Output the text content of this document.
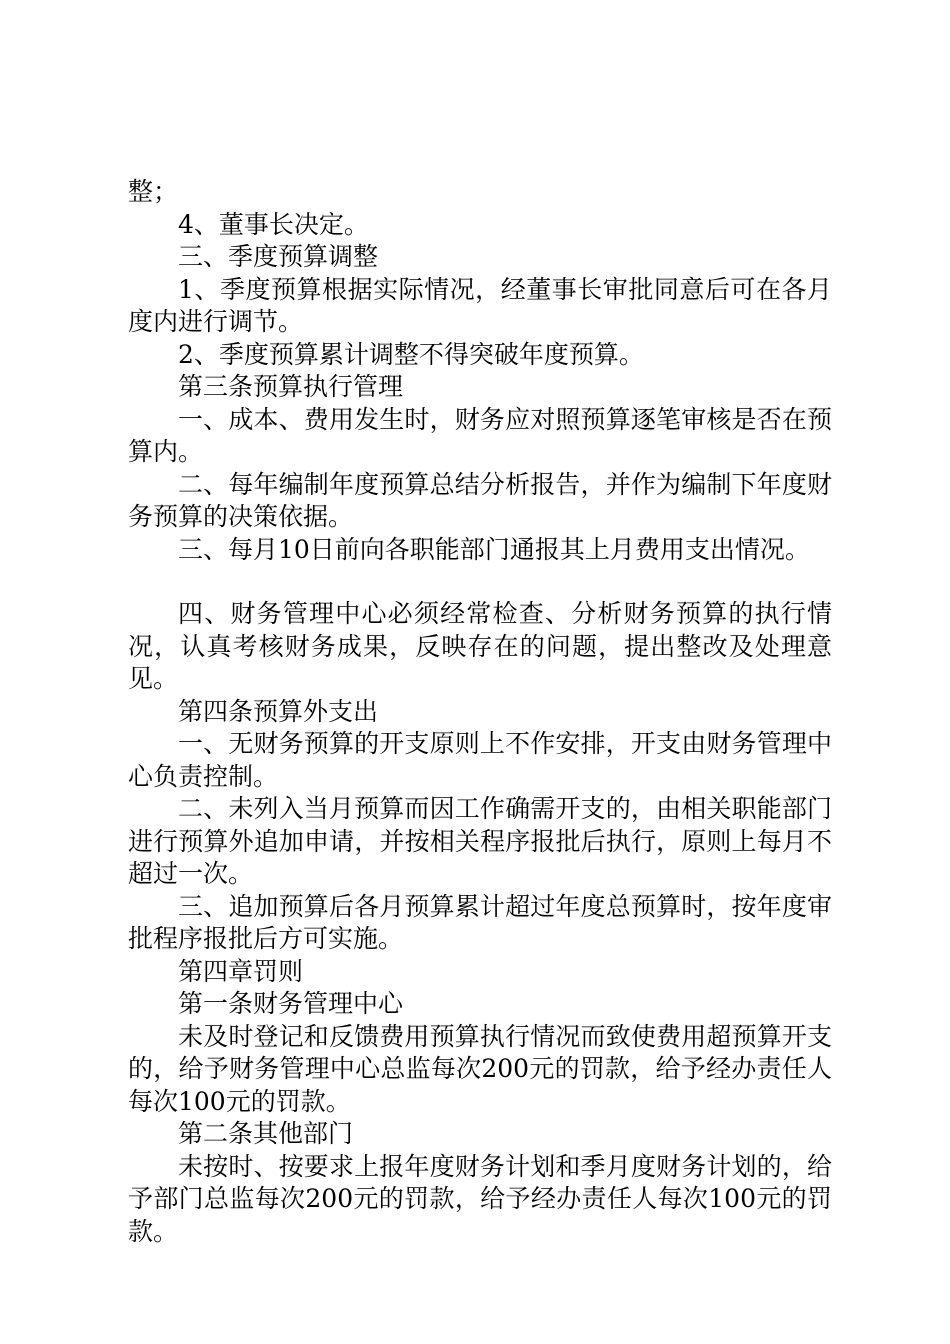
整；

4、董事长决定。

三、季度预算调整

1、季度预算根据实际情况，经董事长审批同意后可在各月度内进行调节。

2、季度预算累计调整不得突破年度预算。

第三条预算执行管理

一、成本、费用发生时，财务应对照预算逐笔审核是否在预算内。

二、每年编制年度预算总结分析报告，并作为编制下年度财务预算的决策依据。

三、每月10日前向各职能部门通报其上月费用支出情况。

四、财务管理中心必须经常检查、分析财务预算的执行情况，认真考核财务成果，反映存在的问题，提出整改及处理意见。

第四条预算外支出

一、无财务预算的开支原则上不作安排，开支由财务管理中心负责控制。

二、未列入当月预算而因工作确需开支的，由相关职能部门进行预算外追加申请，并按相关程序报批后执行，原则上每月不超过一次。

三、追加预算后各月预算累计超过年度总预算时，按年度审批程序报批后方可实施。

第四章罚则

第一条财务管理中心

未及时登记和反馈费用预算执行情况而致使费用超预算开支的，给予财务管理中心总监每次200元的罚款，给予经办责任人每次100元的罚款。

第二条其他部门

未按时、按要求上报年度财务计划和季月度财务计划的，给予部门总监每次200元的罚款，给予经办责任人每次100元的罚款。
